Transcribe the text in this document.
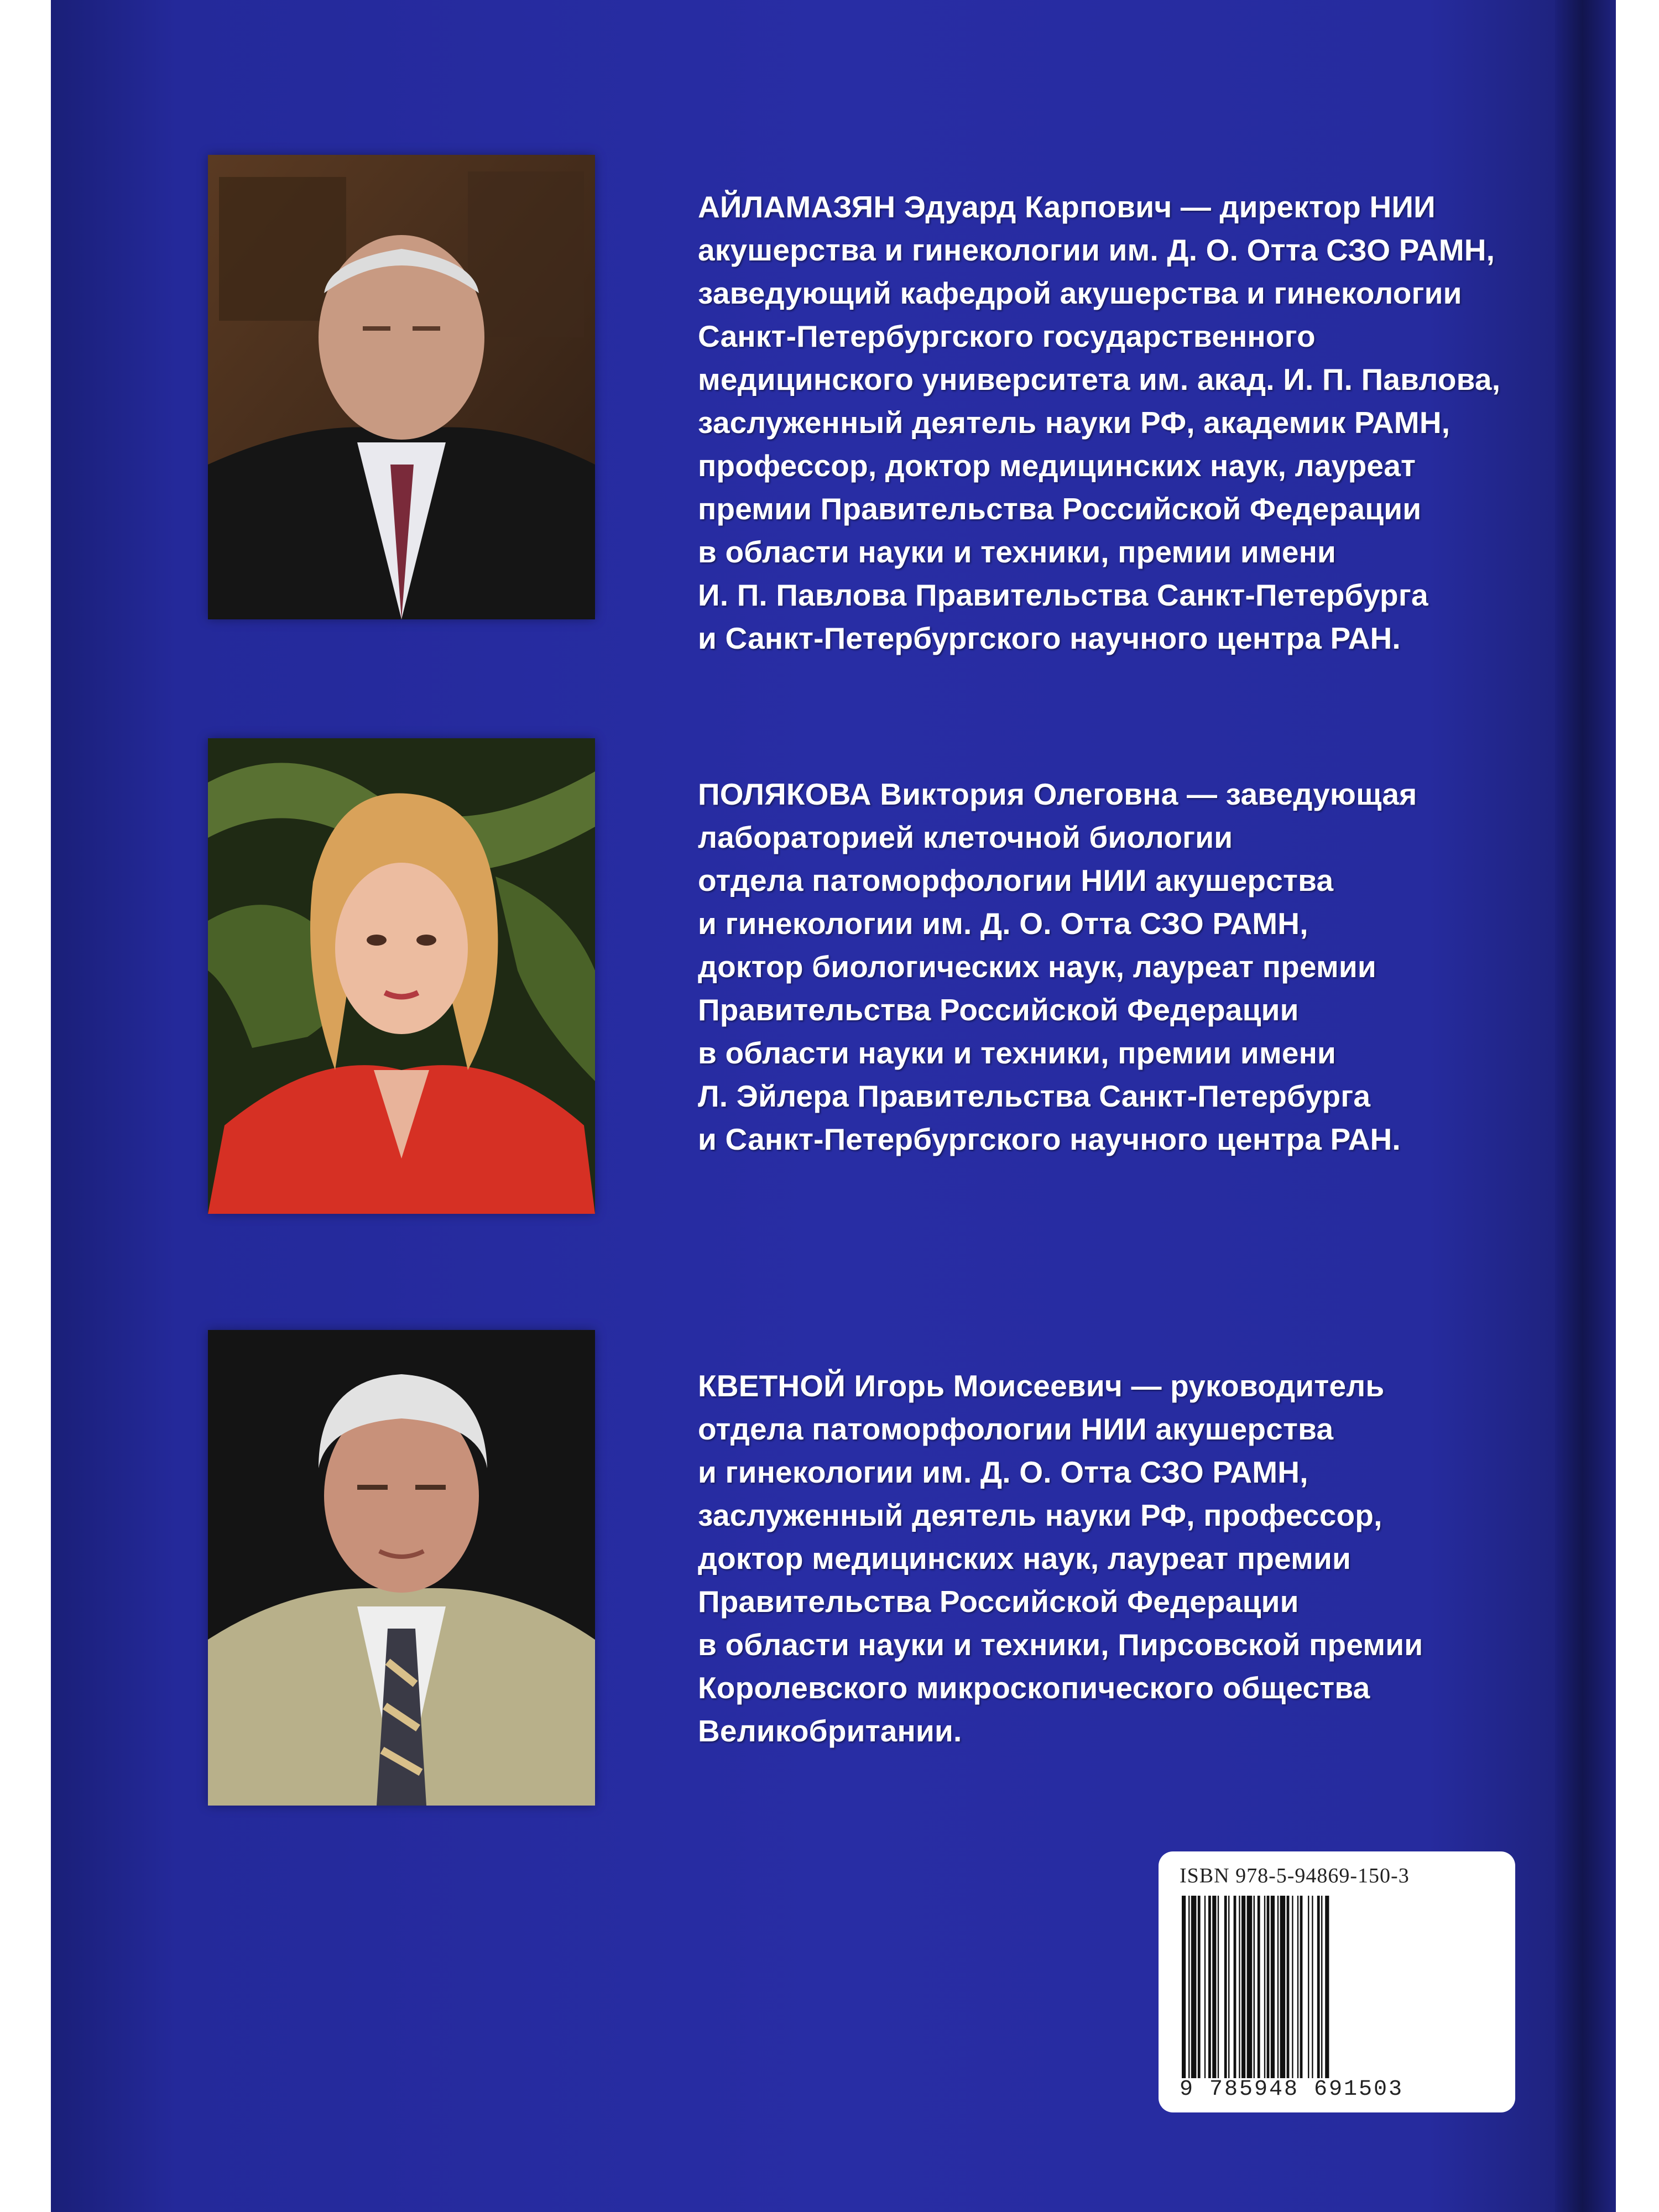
АЙЛАМАЗЯН Эдуард Карпович — директор НИИ
акушерства и гинекологии им. Д. О. Отта СЗО РАМН,
заведующий кафедрой акушерства и гинекологии
Санкт-Петербургского государственного
медицинского университета им. акад. И. П. Павлова,
заслуженный деятель науки РФ, академик РАМН,
профессор, доктор медицинских наук, лауреат
премии Правительства Российской Федерации
в области науки и техники, премии имени
И. П. Павлова Правительства Санкт-Петербурга
и Санкт-Петербургского научного центра РАН.
ПОЛЯКОВА Виктория Олеговна — заведующая
лабораторией клеточной биологии
отдела патоморфологии НИИ акушерства
и гинекологии им. Д. О. Отта СЗО РАМН,
доктор биологических наук, лауреат премии
Правительства Российской Федерации
в области науки и техники, премии имени
Л. Эйлера Правительства Санкт-Петербурга
и Санкт-Петербургского научного центра РАН.
КВЕТНОЙ Игорь Моисеевич — руководитель
отдела патоморфологии НИИ акушерства
и гинекологии им. Д. О. Отта СЗО РАМН,
заслуженный деятель науки РФ, профессор,
доктор медицинских наук, лауреат премии
Правительства Российской Федерации
в области науки и техники, Пирсовской премии
Королевского микроскопического общества
Великобритании.
ISBN 978-5-94869-150-3
9 785948 691503
